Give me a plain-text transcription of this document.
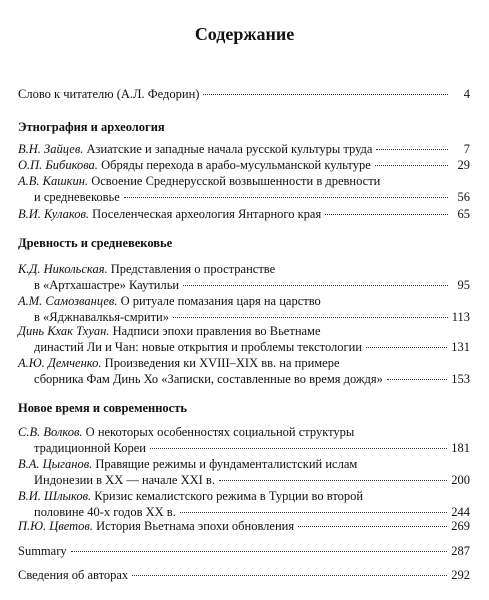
Содержание
Слово к читателю (А.Л. Федорин)	4
Этнография и археология
В.Н. Зайцев. Азиатские и западные начала русской культуры труда	7
О.П. Бибикова. Обряды перехода в арабо-мусульманской культуре	29
А.В. Кашкин. Освоение Среднерусской возвышенности в древности
и средневековье	56
В.И. Кулаков. Поселенческая археология Янтарного края	65
Древность и средневековье
К.Д. Никольская. Представления о пространстве
в «Артхашастре» Каутильи	95
А.М. Самозванцев. О ритуале помазания царя на царство
в «Яджнавалкья-смрити»	113
Динь Кхак Тхуан. Надписи эпохи правления во Вьетнаме
династий Ли и Чан: новые открытия и проблемы текстологии	131
А.Ю. Демченко. Произведения ки XVIII–XIX вв. на примере
сборника Фам Динь Хо «Записки, составленные во время дождя»	153
Новое время и современность
С.В. Волков. О некоторых особенностях социальной структуры
традиционной Кореи	181
В.А. Цыганов. Правящие режимы и фундаменталистский ислам
Индонезии в XX — начале XXI в.	200
В.И. Шлыков. Кризис кемалистского режима в Турции во второй
половине 40-х годов XX в.	244
П.Ю. Цветов. История Вьетнама эпохи обновления	269
Summary	287
Сведения об авторах	292
